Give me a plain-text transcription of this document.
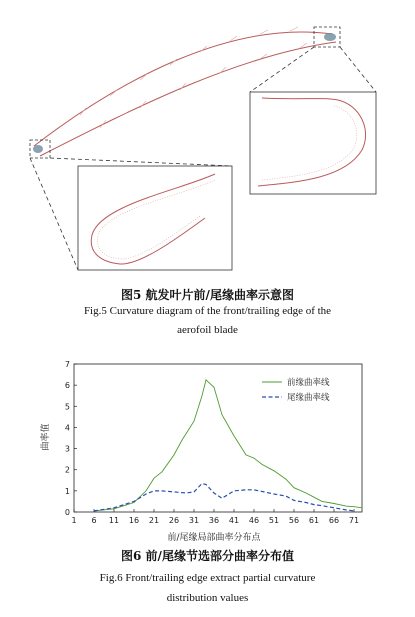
图5 航发叶片前/尾缘曲率示意图
Fig.5 Curvature diagram of the front/trailing edge of the
aerofoil blade
1 6 11 16 21 26 31 36 41 46 51 56 61 66 71
0
1
2
3
4
5
6
7
前缘曲率线
尾缘曲率线
前/尾缘局部曲率分布点
曲率值
图6 前/尾缘节选部分曲率分布值
Fig.6 Front/trailing edge extract partial curvature
distribution values
